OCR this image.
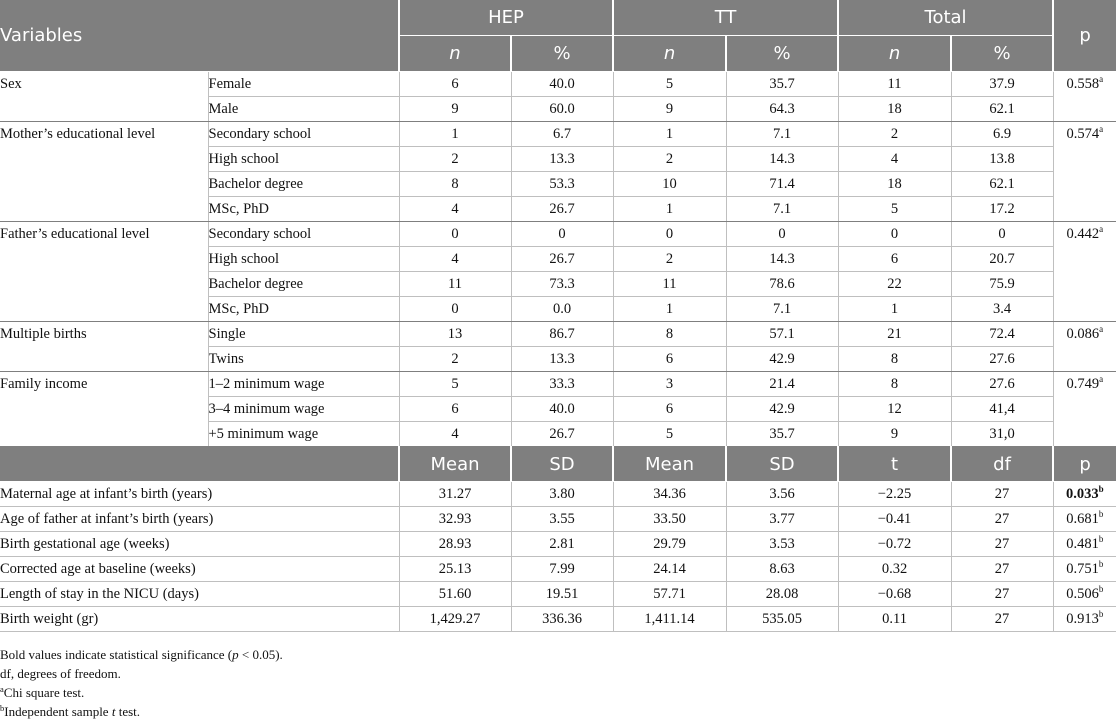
Variables		HEP		TT		Total		p
		n	%	n	%	n	%	
Sex	Female	6	40.0	5	35.7	11	37.9	0.558$^a$
	Male	9	60.0	9	64.3	18	62.1	
Mother’s educational level	Secondary school	1	6.7	1	7.1	2	6.9	0.574$^a$
	High school	2	13.3	2	14.3	4	13.8	
	Bachelor degree	8	53.3	10	71.4	18	62.1	
	MSc, PhD	4	26.7	1	7.1	5	17.2	
Father’s educational level	Secondary school	0	0	0	0	0	0	0.442$^a$
	High school	4	26.7	2	14.3	6	20.7	
	Bachelor degree	11	73.3	11	78.6	22	75.9	
	MSc, PhD	0	0.0	1	7.1	1	3.4	
Multiple births	Single	13	86.7	8	57.1	21	72.4	0.086$^a$
	Twins	2	13.3	6	42.9	8	27.6	
Family income	1–2 minimum wage	5	33.3	3	21.4	8	27.6	0.749$^a$
	3–4 minimum wage	6	40.0	6	42.9	12	41,4	
	+5 minimum wage	4	26.7	5	35.7	9	31,0	
		Mean	SD	Mean	SD	t	df	p
Maternal age at infant’s birth (years)		31.27	3.80	34.36	3.56	−2.25	27	0.033$^b$
Age of father at infant’s birth (years)		32.93	3.55	33.50	3.77	−0.41	27	0.681$^b$
Birth gestational age (weeks)		28.93	2.81	29.79	3.53	−0.72	27	0.481$^b$
Corrected age at baseline (weeks)		25.13	7.99	24.14	8.63	0.32	27	0.751$^b$
Length of stay in the NICU (days)		51.60	19.51	57.71	28.08	−0.68	27	0.506$^b$
Birth weight (gr)		1,429.27	336.36	1,411.14	535.05	0.11	27	0.913$^b$
Bold values indicate statistical significance (p < 0.05).
df, degrees of freedom.
$^a$Chi square test.
$^b$Independent sample t test.
